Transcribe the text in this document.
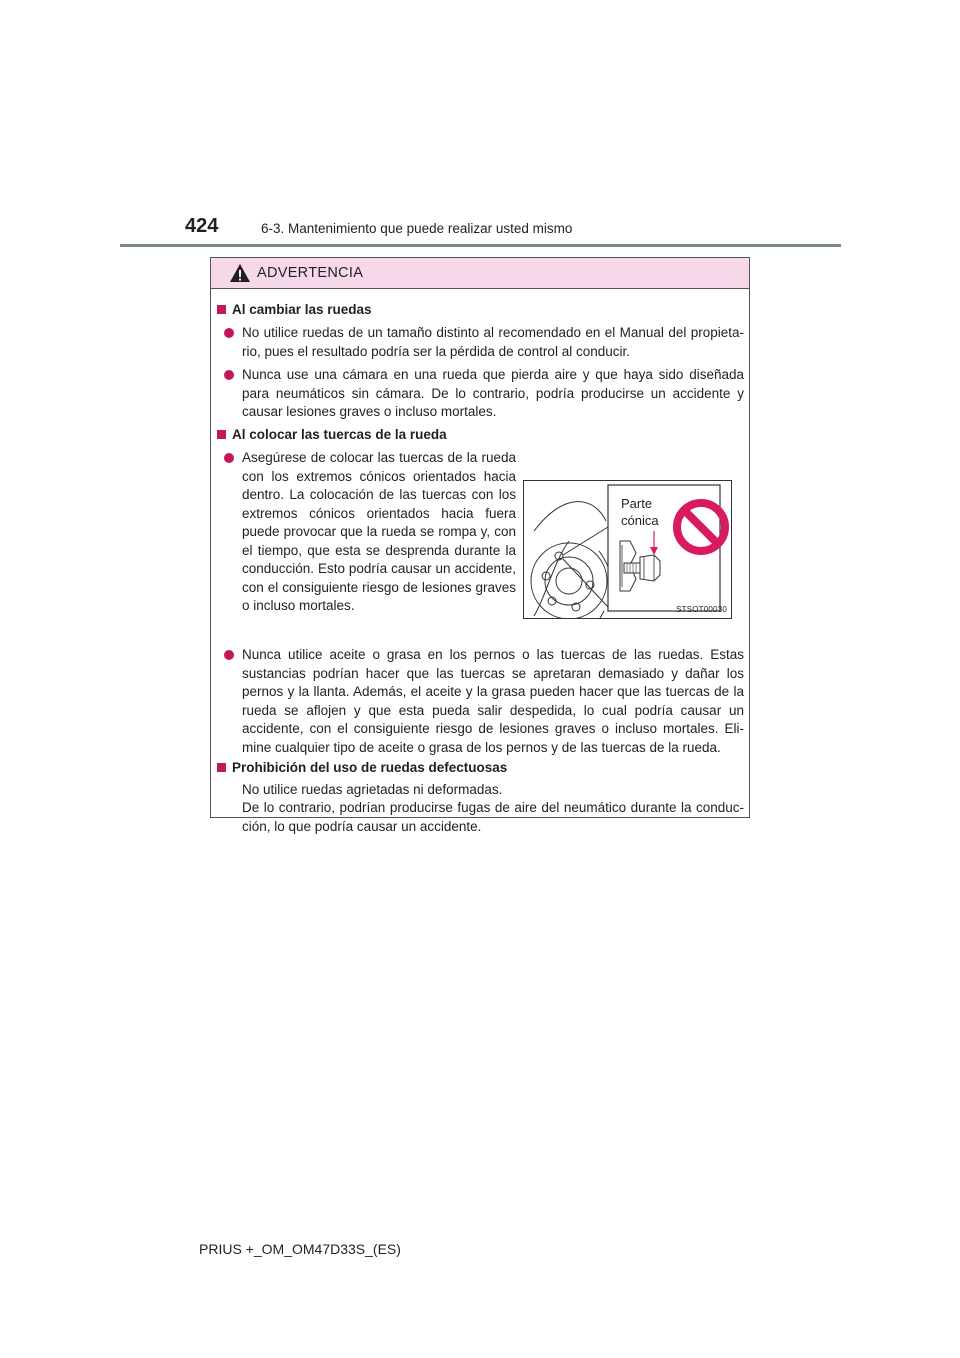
424	6-3. Mantenimiento que puede realizar usted mismo
ADVERTENCIA
Al cambiar las ruedas
No utilice ruedas de un tamaño distinto al recomendado en el Manual del propieta-rio, pues el resultado podría ser la pérdida de control al conducir.
Nunca use una cámara en una rueda que pierda aire y que haya sido diseñada para neumáticos sin cámara. De lo contrario, podría producirse un accidente y causar lesiones graves o incluso mortales.
Al colocar las tuercas de la rueda
Asegúrese de colocar las tuercas de la rueda con los extremos cónicos orientados hacia dentro. La colocación de las tuercas con los extremos cónicos orientados hacia fuera puede provocar que la rueda se rompa y, con el tiempo, que esta se desprenda durante la conducción. Esto podría causar un accidente, con el consiguiente riesgo de lesiones graves o incluso mortales.
Parte
cónica
STSOT00030
Nunca utilice aceite o grasa en los pernos o las tuercas de las ruedas. Estas sustancias podrían hacer que las tuercas se apretaran demasiado y dañar los pernos y la llanta. Además, el aceite y la grasa pueden hacer que las tuercas de la rueda se aflojen y que esta pueda salir despedida, lo cual podría causar un accidente, con el consiguiente riesgo de lesiones graves o incluso mortales. Eli-mine cualquier tipo de aceite o grasa de los pernos y de las tuercas de la rueda.
Prohibición del uso de ruedas defectuosas
No utilice ruedas agrietadas ni deformadas.
De lo contrario, podrían producirse fugas de aire del neumático durante la conduc-ción, lo que podría causar un accidente.
PRIUS +_OM_OM47D33S_(ES)
